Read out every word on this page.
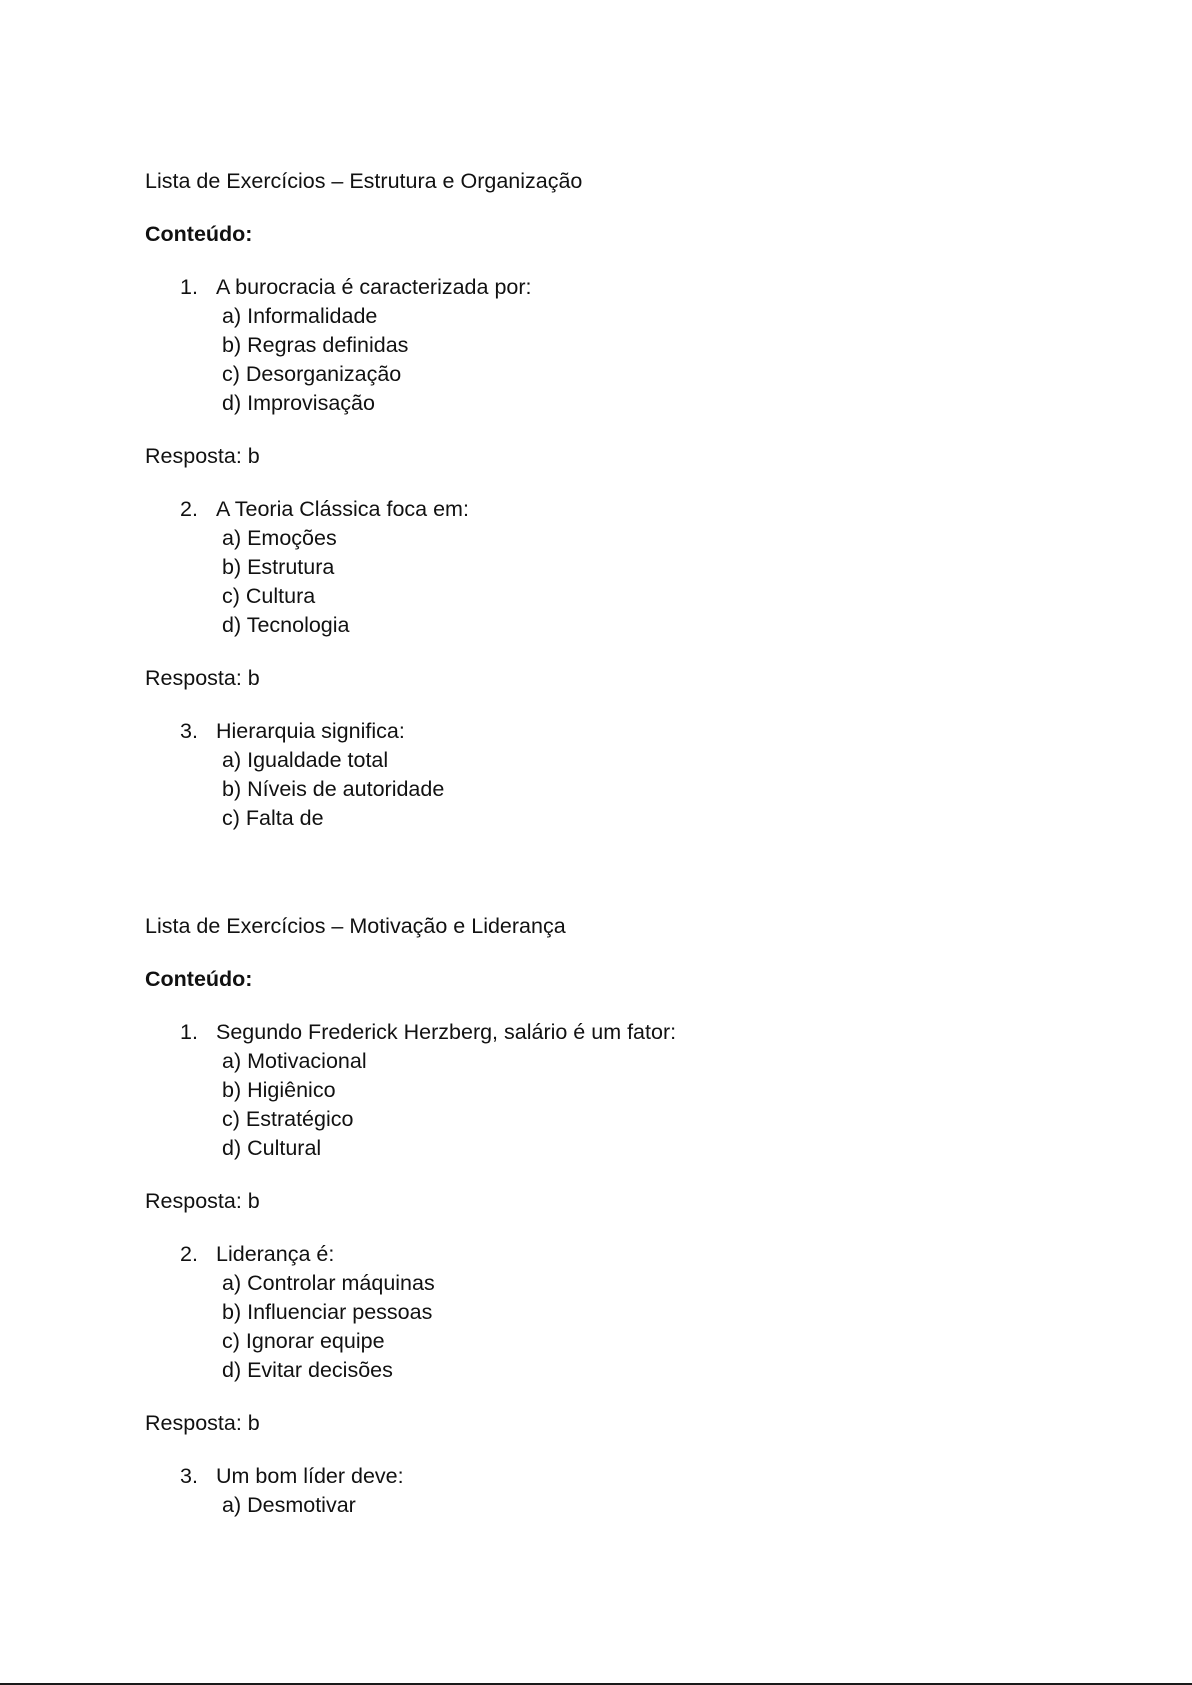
Lista de Exercícios – Estrutura e Organização
Conteúdo:
1. A burocracia é caracterizada por:
a) Informalidade
b) Regras definidas
c) Desorganização
d) Improvisação
Resposta: b
2. A Teoria Clássica foca em:
a) Emoções
b) Estrutura
c) Cultura
d) Tecnologia
Resposta: b
3. Hierarquia significa:
a) Igualdade total
b) Níveis de autoridade
c) Falta de
Lista de Exercícios – Motivação e Liderança
Conteúdo:
1. Segundo Frederick Herzberg, salário é um fator:
a) Motivacional
b) Higiênico
c) Estratégico
d) Cultural
Resposta: b
2. Liderança é:
a) Controlar máquinas
b) Influenciar pessoas
c) Ignorar equipe
d) Evitar decisões
Resposta: b
3. Um bom líder deve:
a) Desmotivar
